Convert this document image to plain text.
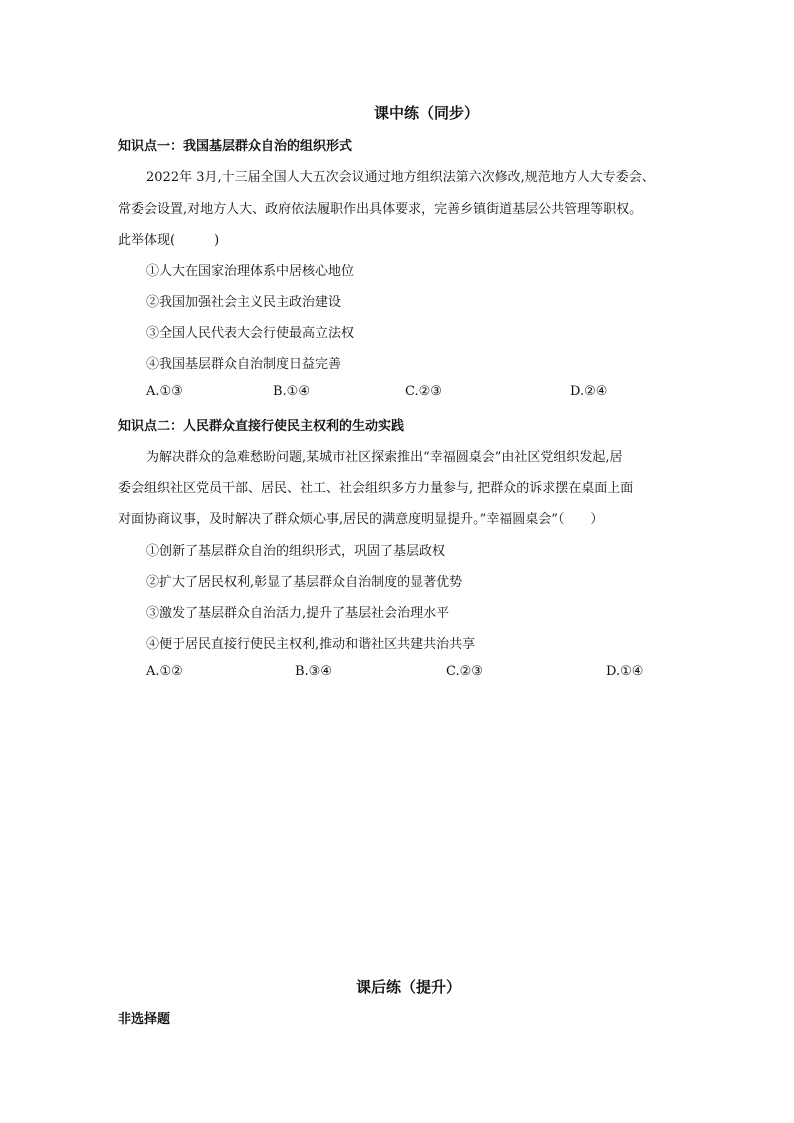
课中练（同步）
知识点一：我国基层群众自治的组织形式
2022年 3月,十三届全国人大五次会议通过地方组织法第六次修改,规范地方人大专委会、
常委会设置,对地方人大、政府依法履职作出具体要求，完善乡镇街道基层公共管理等职权。
此举体现(　　　)
①人大在国家治理体系中居核心地位
②我国加强社会主义民主政治建设
③全国人民代表大会行使最高立法权
④我国基层群众自治制度日益完善
A.①③	B.①④	C.②③	D.②④
知识点二：人民群众直接行使民主权利的生动实践
为解决群众的急难愁盼问题,某城市社区探索推出“幸福圆桌会”由社区党组织发起,居
委会组织社区党员干部、居民、社工、社会组织多方力量参与, 把群众的诉求摆在桌面上面
对面协商议事，及时解决了群众烦心事,居民的满意度明显提升。”幸福圆桌会”（　　）
①创新了基层群众自治的组织形式，巩固了基层政权
②扩大了居民权利,彰显了基层群众自治制度的显著优势
③激发了基层群众自治活力,提升了基层社会治理水平
④便于居民直接行使民主权利,推动和谐社区共建共治共享
A.①②	B.③④	C.②③	D.①④
课后练（提升）
非选择题
